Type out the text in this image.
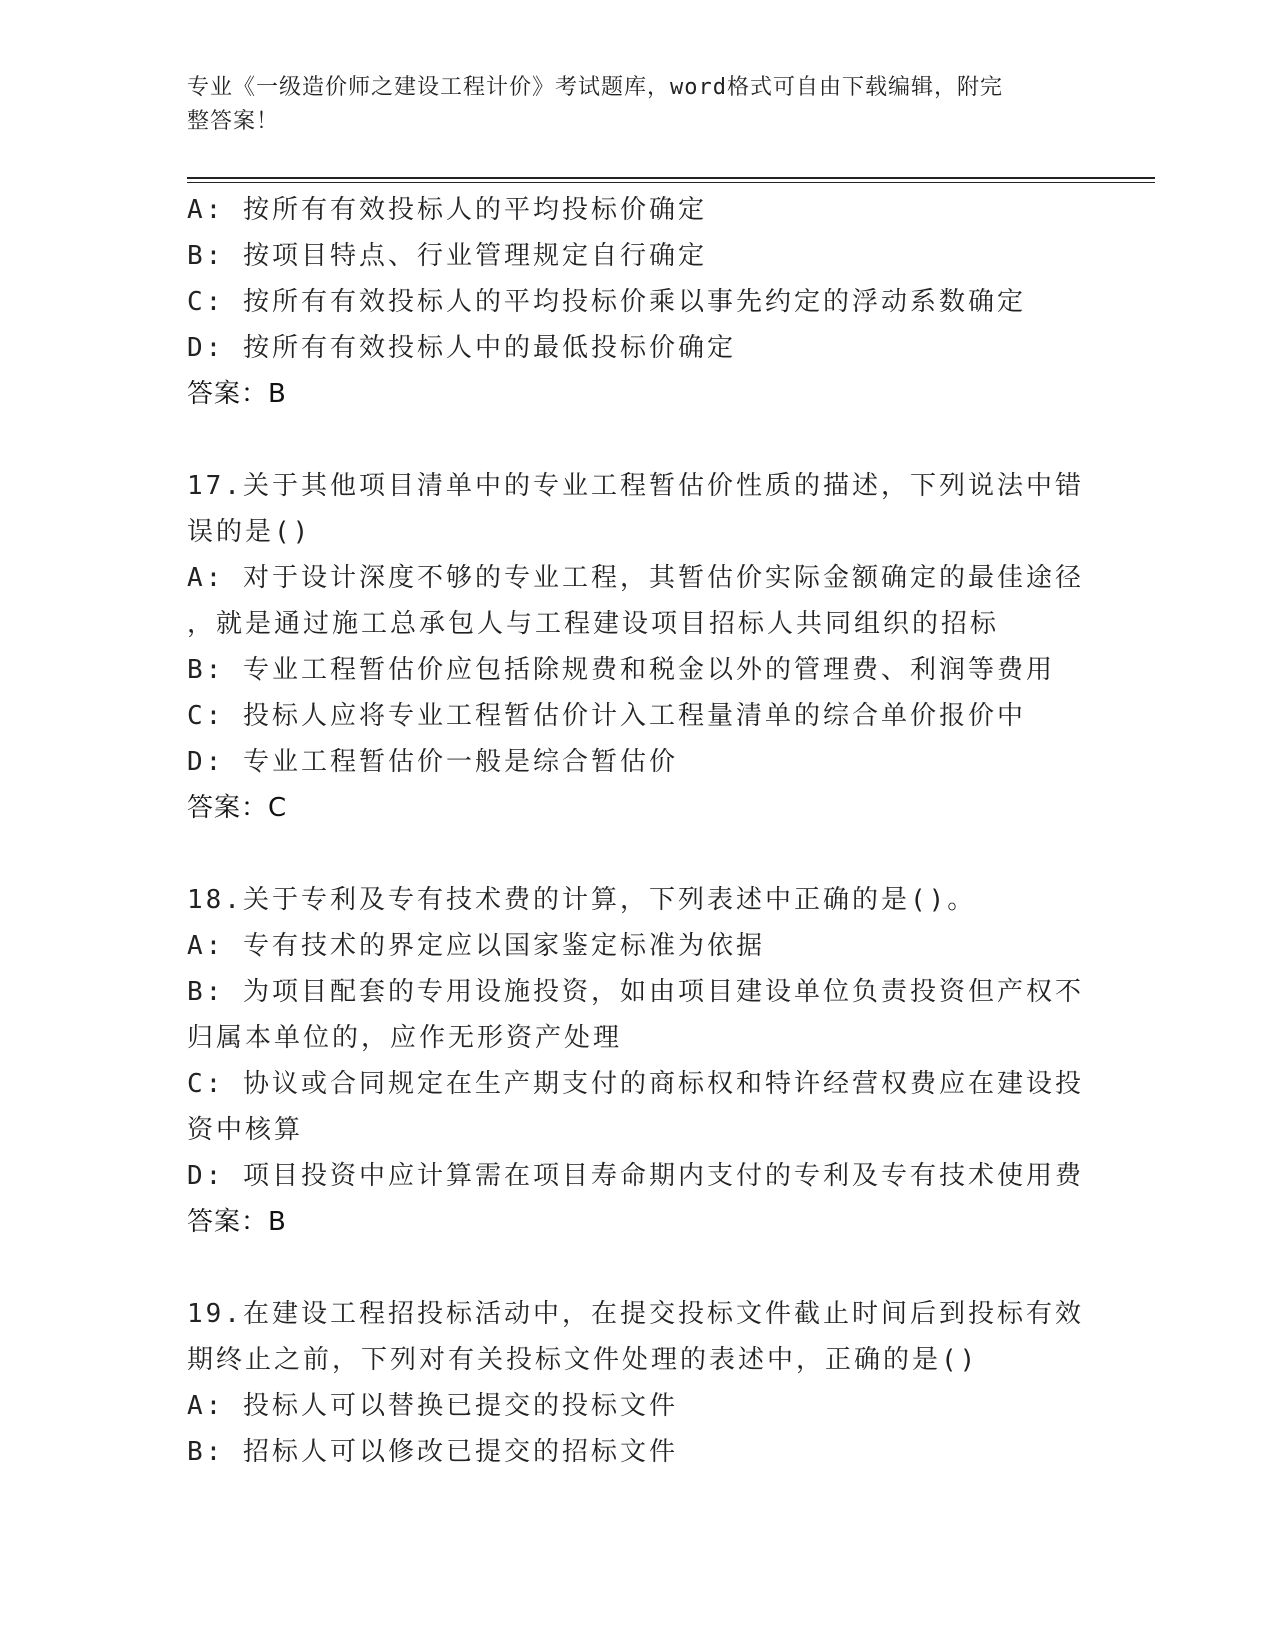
专业《一级造价师之建设工程计价》考试题库，word格式可自由下载编辑，附完
整答案！
A: 按所有有效投标人的平均投标价确定
B: 按项目特点、行业管理规定自行确定
C: 按所有有效投标人的平均投标价乘以事先约定的浮动系数确定
D: 按所有有效投标人中的最低投标价确定
答案：B
17.关于其他项目清单中的专业工程暂估价性质的描述，下列说法中错
误的是()
A: 对于设计深度不够的专业工程，其暂估价实际金额确定的最佳途径
，就是通过施工总承包人与工程建设项目招标人共同组织的招标
B: 专业工程暂估价应包括除规费和税金以外的管理费、利润等费用
C: 投标人应将专业工程暂估价计入工程量清单的综合单价报价中
D: 专业工程暂估价一般是综合暂估价
答案：C
18.关于专利及专有技术费的计算，下列表述中正确的是()。
A: 专有技术的界定应以国家鉴定标准为依据
B: 为项目配套的专用设施投资，如由项目建设单位负责投资但产权不
归属本单位的，应作无形资产处理
C: 协议或合同规定在生产期支付的商标权和特许经营权费应在建设投
资中核算
D: 项目投资中应计算需在项目寿命期内支付的专利及专有技术使用费
答案：B
19.在建设工程招投标活动中，在提交投标文件截止时间后到投标有效
期终止之前，下列对有关投标文件处理的表述中，正确的是()
A: 投标人可以替换已提交的投标文件
B: 招标人可以修改已提交的招标文件
